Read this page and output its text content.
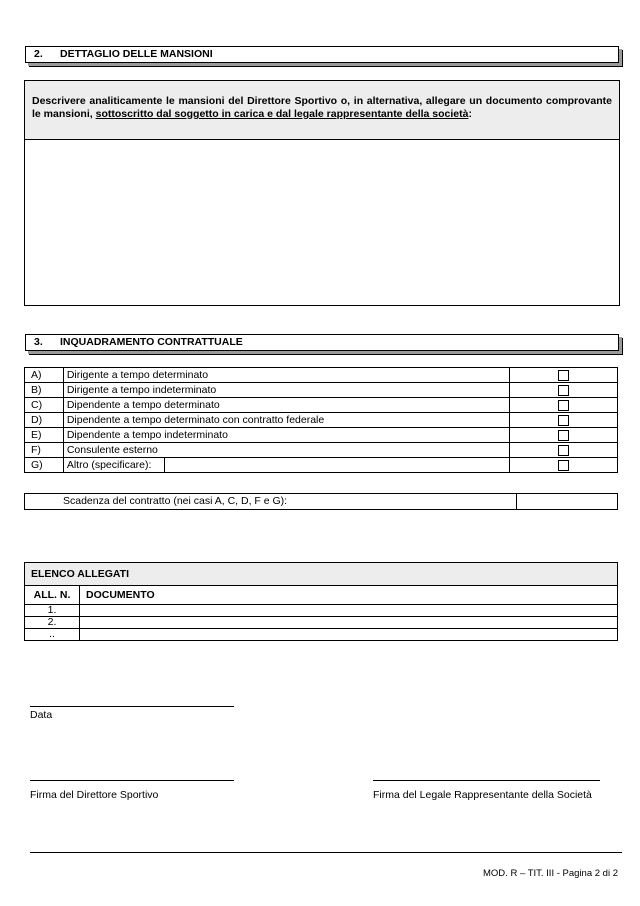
2. DETTAGLIO DELLE MANSIONI
Descrivere analiticamente le mansioni del Direttore Sportivo o, in alternativa, allegare un documento comprovante le mansioni, sottoscritto dal soggetto in carica e dal legale rappresentante della società:
3. INQUADRAMENTO CONTRATTUALE
A)	Dirigente a tempo determinato	
B)	Dirigente a tempo indeterminato	
C)	Dipendente a tempo determinato	
D)	Dipendente a tempo determinato con contratto federale	
E)	Dipendente a tempo indeterminato	
F)	Consulente esterno	
G)	Altro (specificare):	

Scadenza del contratto (nei casi A, C, D, F e G):	
ELENCO ALLEGATI	
ALL. N.	DOCUMENTO
1.	
2.	
..	
Data
Firma del Direttore Sportivo	Firma del Legale Rappresentante della Società
MOD. R – TIT. III - Pagina 2 di 2
